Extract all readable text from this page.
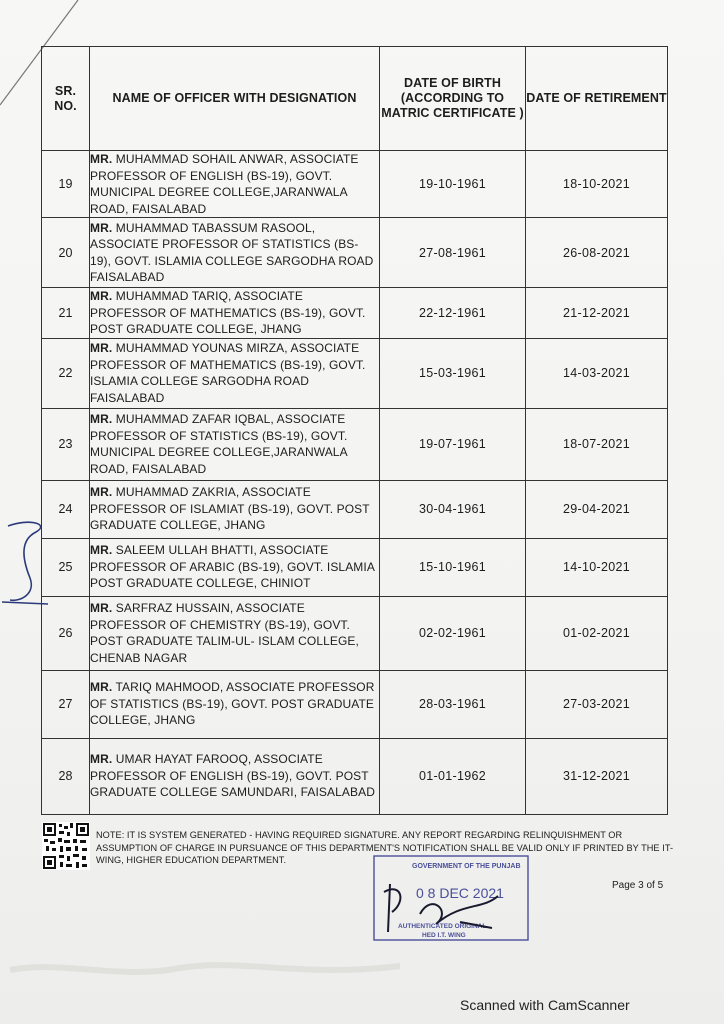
SR. NO.	NAME OF OFFICER WITH DESIGNATION	DATE OF BIRTH (ACCORDING TO MATRIC CERTIFICATE )	DATE OF RETIREMENT
19	MR. MUHAMMAD SOHAIL ANWAR, ASSOCIATE PROFESSOR OF ENGLISH (BS-19), GOVT. MUNICIPAL DEGREE COLLEGE,JARANWALA ROAD, FAISALABAD	19-10-1961	18-10-2021
20	MR. MUHAMMAD TABASSUM RASOOL, ASSOCIATE PROFESSOR OF STATISTICS (BS-19), GOVT. ISLAMIA COLLEGE SARGODHA ROAD FAISALABAD	27-08-1961	26-08-2021
21	MR. MUHAMMAD TARIQ, ASSOCIATE PROFESSOR OF MATHEMATICS (BS-19), GOVT. POST GRADUATE COLLEGE, JHANG	22-12-1961	21-12-2021
22	MR. MUHAMMAD YOUNAS MIRZA, ASSOCIATE PROFESSOR OF MATHEMATICS (BS-19), GOVT. ISLAMIA COLLEGE SARGODHA ROAD FAISALABAD	15-03-1961	14-03-2021
23	MR. MUHAMMAD ZAFAR IQBAL, ASSOCIATE PROFESSOR OF STATISTICS (BS-19), GOVT. MUNICIPAL DEGREE COLLEGE,JARANWALA ROAD, FAISALABAD	19-07-1961	18-07-2021
24	MR. MUHAMMAD ZAKRIA, ASSOCIATE PROFESSOR OF ISLAMIAT (BS-19), GOVT. POST GRADUATE COLLEGE, JHANG	30-04-1961	29-04-2021
25	MR. SALEEM ULLAH BHATTI, ASSOCIATE PROFESSOR OF ARABIC (BS-19), GOVT. ISLAMIA POST GRADUATE COLLEGE, CHINIOT	15-10-1961	14-10-2021
26	MR. SARFRAZ HUSSAIN, ASSOCIATE PROFESSOR OF CHEMISTRY (BS-19), GOVT. POST GRADUATE TALIM-UL- ISLAM COLLEGE, CHENAB NAGAR	02-02-1961	01-02-2021
27	MR. TARIQ MAHMOOD, ASSOCIATE PROFESSOR OF STATISTICS (BS-19), GOVT. POST GRADUATE COLLEGE, JHANG	28-03-1961	27-03-2021
28	MR. UMAR HAYAT FAROOQ, ASSOCIATE PROFESSOR OF ENGLISH (BS-19), GOVT. POST GRADUATE COLLEGE SAMUNDARI, FAISALABAD	01-01-1962	31-12-2021
NOTE: IT IS SYSTEM GENERATED - HAVING REQUIRED SIGNATURE. ANY REPORT REGARDING RELINQUISHMENT OR ASSUMPTION OF CHARGE IN PURSUANCE OF THIS DEPARTMENT'S NOTIFICATION SHALL BE VALID ONLY IF PRINTED BY THE IT-WING, HIGHER EDUCATION DEPARTMENT.
Page 3 of 5
GOVERNMENT OF THE PUNJAB
0 8 DEC 2021
AUTHENTICATED ORIGINAL
HED I.T. WING
Scanned with CamScanner
